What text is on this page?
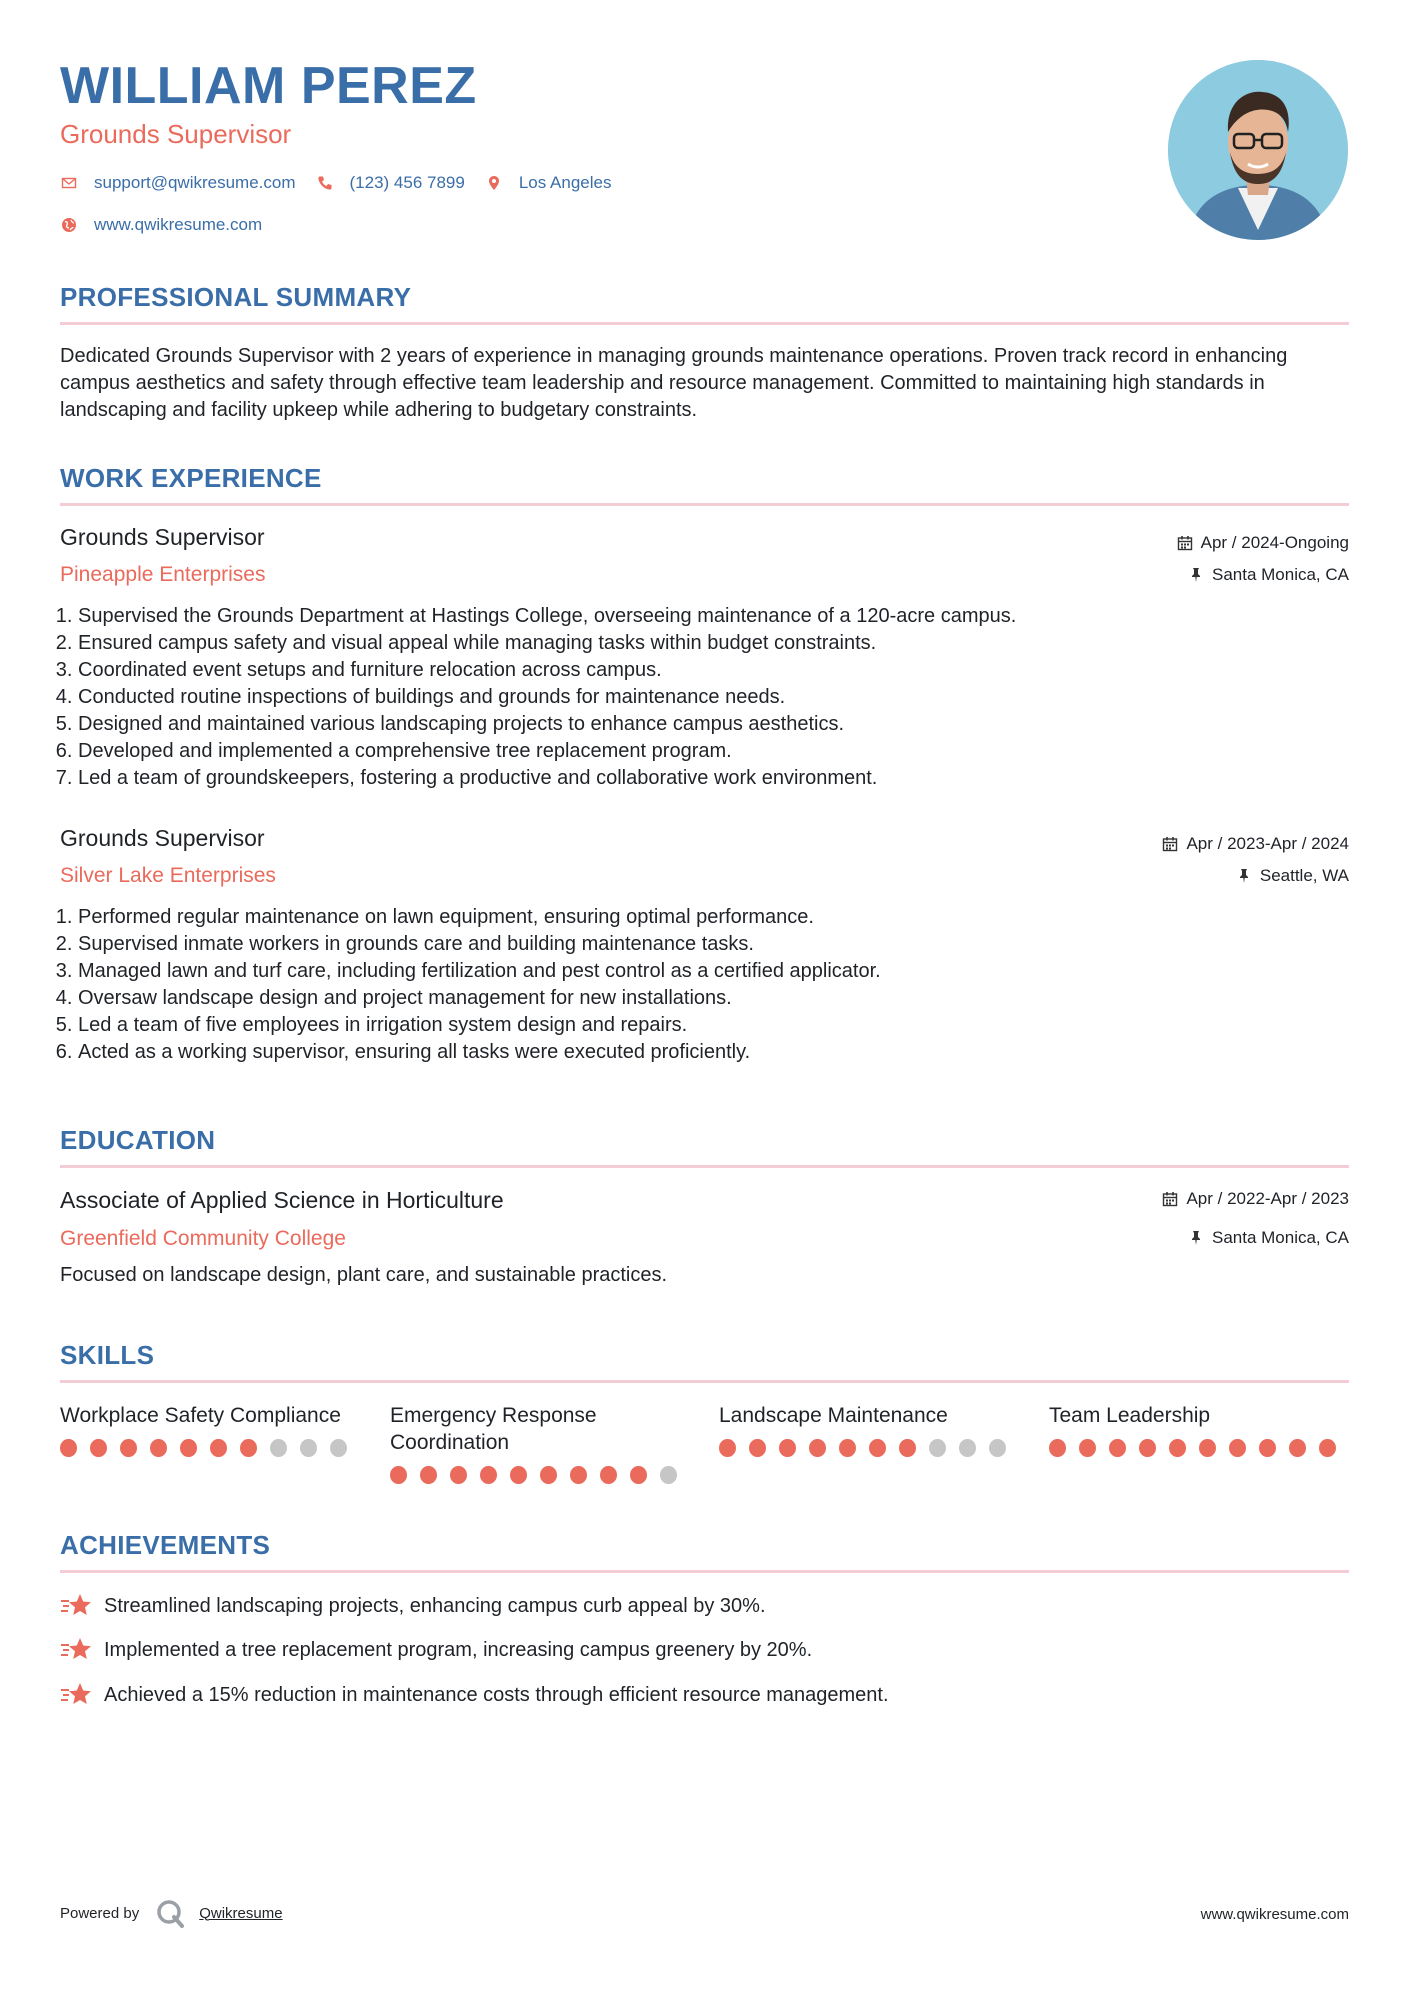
WILLIAM PEREZ
Grounds Supervisor
support@qwikresume.com	(123) 456 7899	Los Angeles
www.qwikresume.com
PROFESSIONAL SUMMARY

Dedicated Grounds Supervisor with 2 years of experience in managing grounds maintenance operations. Proven track record in enhancing campus aesthetics and safety through effective team leadership and resource management. Committed to maintaining high standards in landscaping and facility upkeep while adhering to budgetary constraints.

WORK EXPERIENCE
Grounds Supervisor
Pineapple Enterprises
Apr / 2024-Ongoing
Santa Monica, CA
1. Supervised the Grounds Department at Hastings College, overseeing maintenance of a 120-acre campus.
2. Ensured campus safety and visual appeal while managing tasks within budget constraints.
3. Coordinated event setups and furniture relocation across campus.
4. Conducted routine inspections of buildings and grounds for maintenance needs.
5. Designed and maintained various landscaping projects to enhance campus aesthetics.
6. Developed and implemented a comprehensive tree replacement program.
7. Led a team of groundskeepers, fostering a productive and collaborative work environment.
Grounds Supervisor
Silver Lake Enterprises
Apr / 2023-Apr / 2024
Seattle, WA
1. Performed regular maintenance on lawn equipment, ensuring optimal performance.
2. Supervised inmate workers in grounds care and building maintenance tasks.
3. Managed lawn and turf care, including fertilization and pest control as a certified applicator.
4. Oversaw landscape design and project management for new installations.
5. Led a team of five employees in irrigation system design and repairs.
6. Acted as a working supervisor, ensuring all tasks were executed proficiently.
EDUCATION
Associate of Applied Science in Horticulture
Greenfield Community College
Apr / 2022-Apr / 2023
Santa Monica, CA
Focused on landscape design, plant care, and sustainable practices.
SKILLS
Workplace Safety Compliance	Emergency Response Coordination
Landscape Maintenance	Team Leadership
ACHIEVEMENTS
Streamlined landscaping projects, enhancing campus curb appeal by 30%.
Implemented a tree replacement program, increasing campus greenery by 20%.
Achieved a 15% reduction in maintenance costs through efficient resource management.
Powered by	Qwikresume	www.qwikresume.com
